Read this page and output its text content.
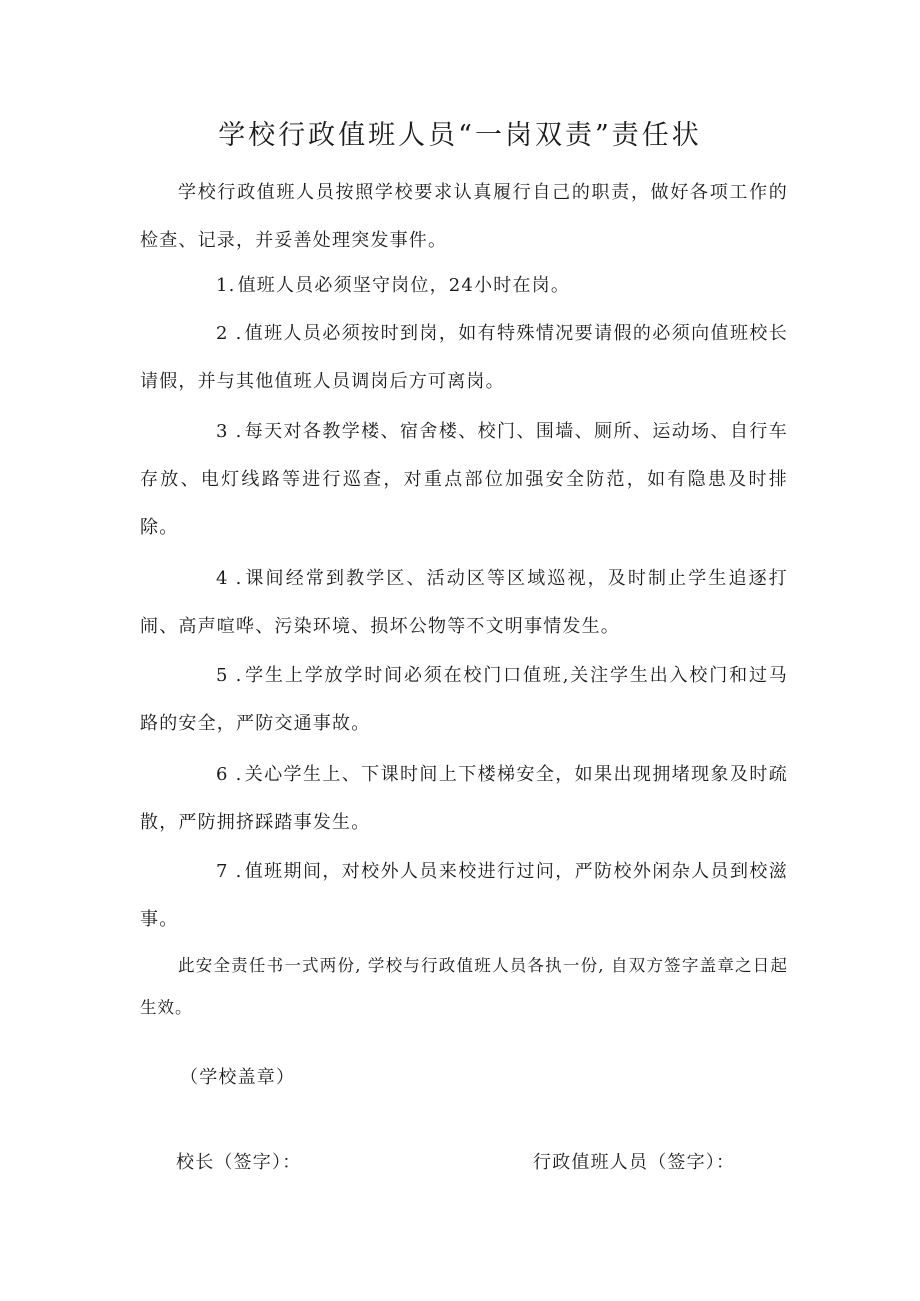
学校行政值班人员“一岗双责”责任状

学校行政值班人员按照学校要求认真履行自己的职责，做好各项工作的检查、记录，并妥善处理突发事件。

1. 值班人员必须坚守岗位，24小时在岗。

2 . 值班人员必须按时到岗，如有特殊情况要请假的必须向值班校长请假，并与其他值班人员调岗后方可离岗。

3 . 每天对各教学楼、宿舍楼、校门、围墙、厕所、运动场、自行车存放、电灯线路等进行巡查，对重点部位加强安全防范，如有隐患及时排除。

4 . 课间经常到教学区、活动区等区域巡视，及时制止学生追逐打闹、高声喧哗、污染环境、损坏公物等不文明事情发生。

5 . 学生上学放学时间必须在校门口值班,关注学生出入校门和过马路的安全，严防交通事故。

6 . 关心学生上、下课时间上下楼梯安全，如果出现拥堵现象及时疏散，严防拥挤踩踏事发生。

7 . 值班期间，对校外人员来校进行过问，严防校外闲杂人员到校滋事。

此安全责任书一式两份, 学校与行政值班人员各执一份, 自双方签字盖章之日起生效。

（学校盖章）

校长（签字）：	行政值班人员（签字）：
